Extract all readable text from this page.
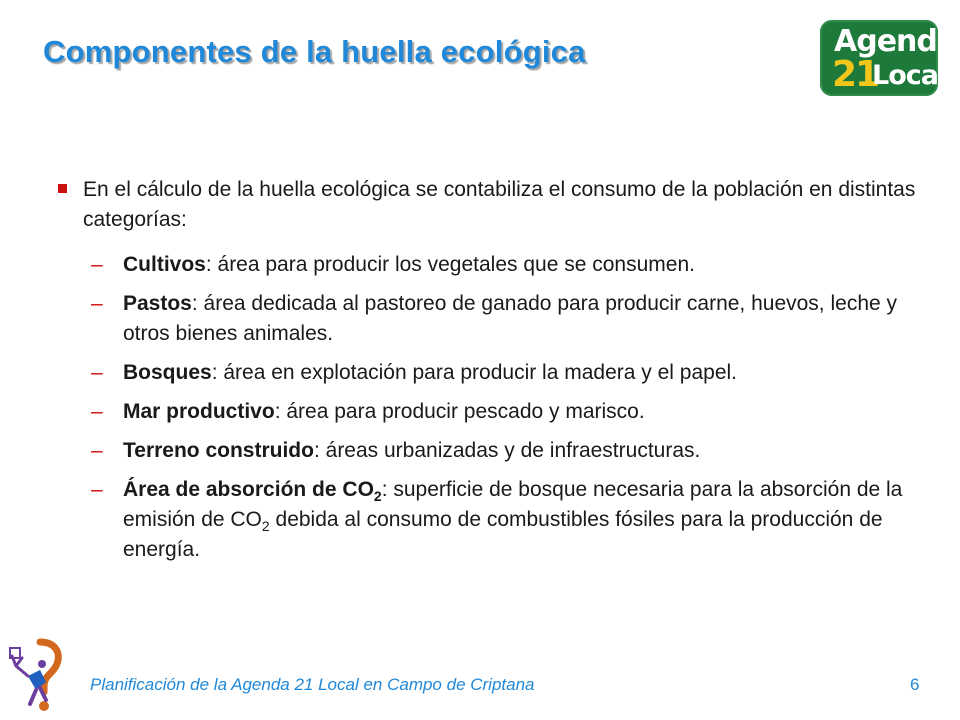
Componentes de la huella ecológica	Agenda
21
Local
En el cálculo de la huella ecológica se contabiliza el consumo de la población en distintas categorías:
– Cultivos: área para producir los vegetales que se consumen.
– Pastos: área dedicada al pastoreo de ganado para producir carne, huevos, leche y otros bienes animales.
– Bosques: área en explotación para producir la madera y el papel.
– Mar productivo: área para producir pescado y marisco.
– Terreno construido: áreas urbanizadas y de infraestructuras.
– Área de absorción de $CO_2$: superficie de bosque necesaria para la absorción de la emisión de $CO_2$ debida al consumo de combustibles fósiles para la producción de energía.
Planificación de la Agenda 21 Local en Campo de Criptana	6
